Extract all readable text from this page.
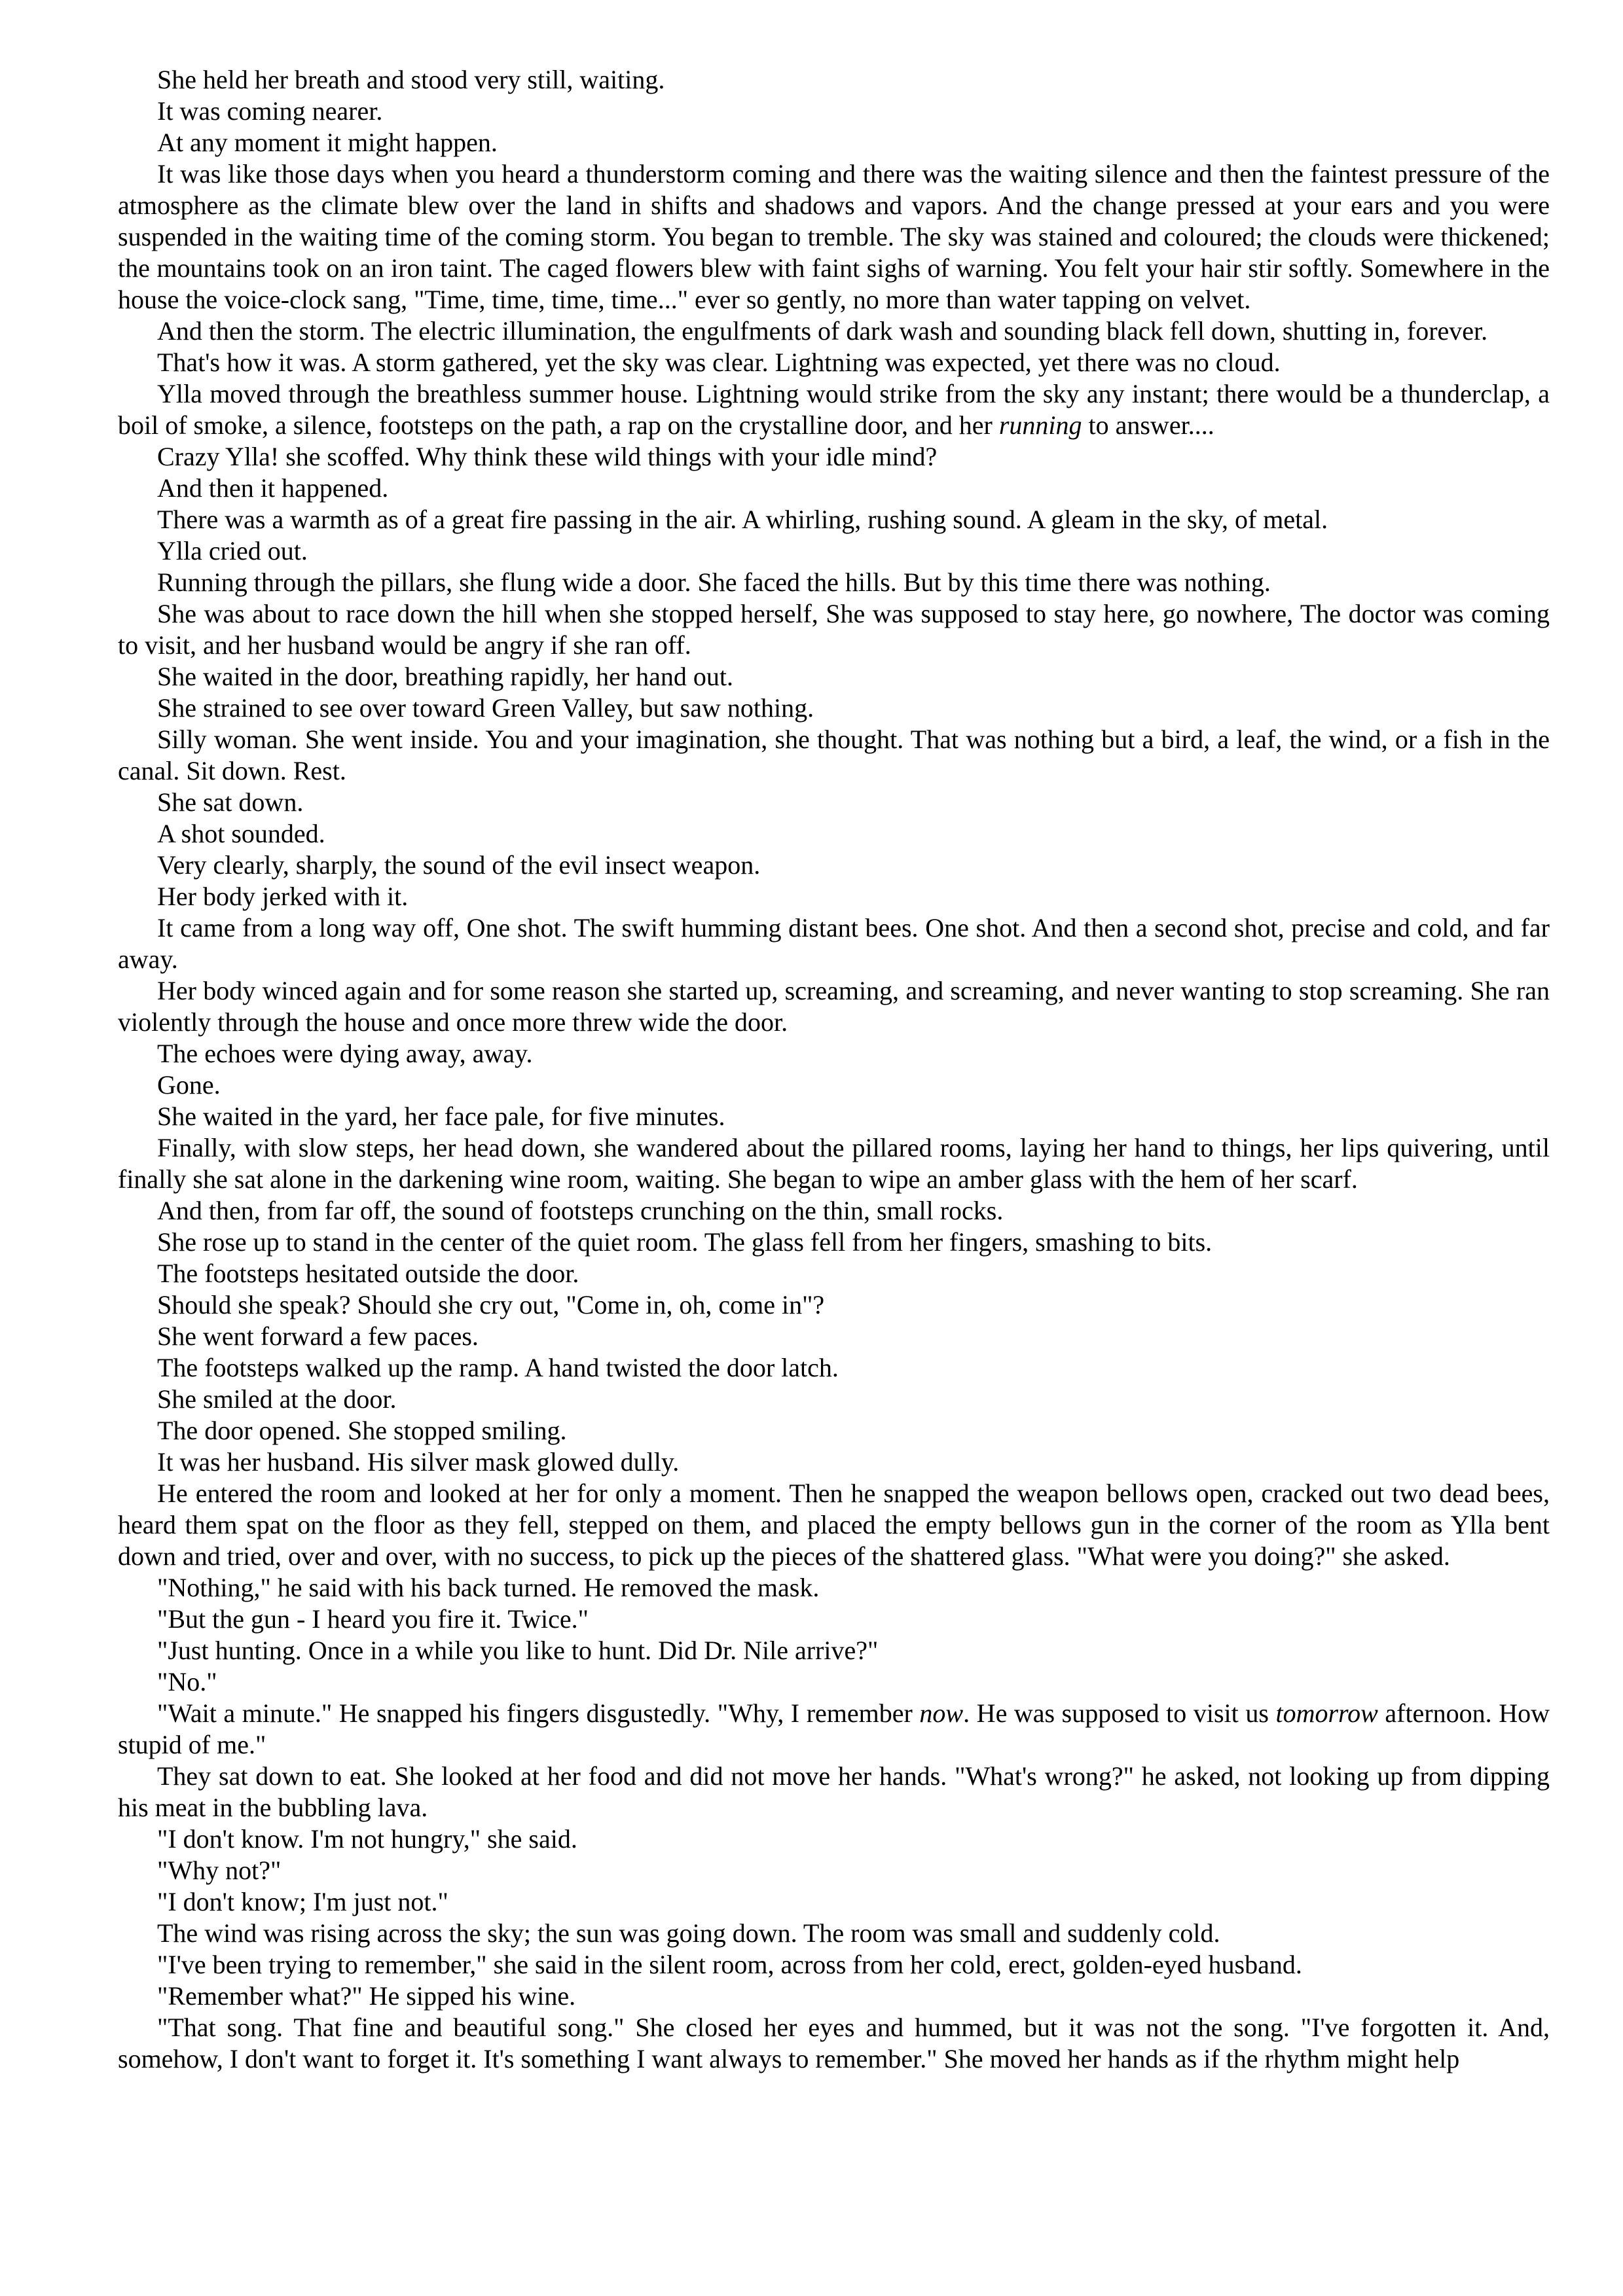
She held her breath and stood very still, waiting.

It was coming nearer.

At any moment it might happen.

It was like those days when you heard a thunderstorm coming and there was the waiting silence and then the faintest pressure of the atmosphere as the climate blew over the land in shifts and shadows and vapors. And the change pressed at your ears and you were suspended in the waiting time of the coming storm. You began to tremble. The sky was stained and coloured; the clouds were thickened; the mountains took on an iron taint. The caged flowers blew with faint sighs of warning. You felt your hair stir softly. Somewhere in the house the voice-clock sang, "Time, time, time, time..." ever so gently, no more than water tapping on velvet.

And then the storm. The electric illumination, the engulfments of dark wash and sounding black fell down, shutting in, forever.

That's how it was. A storm gathered, yet the sky was clear. Lightning was expected, yet there was no cloud.

Ylla moved through the breathless summer house. Lightning would strike from the sky any instant; there would be a thunderclap, a boil of smoke, a silence, footsteps on the path, a rap on the crystalline door, and her running to answer....

Crazy Ylla! she scoffed. Why think these wild things with your idle mind?

And then it happened.

There was a warmth as of a great fire passing in the air. A whirling, rushing sound. A gleam in the sky, of metal.

Ylla cried out.

Running through the pillars, she flung wide a door. She faced the hills. But by this time there was nothing.

She was about to race down the hill when she stopped herself, She was supposed to stay here, go nowhere, The doctor was coming to visit, and her husband would be angry if she ran off.

She waited in the door, breathing rapidly, her hand out.

She strained to see over toward Green Valley, but saw nothing.

Silly woman. She went inside. You and your imagination, she thought. That was nothing but a bird, a leaf, the wind, or a fish in the canal. Sit down. Rest.

She sat down.

A shot sounded.

Very clearly, sharply, the sound of the evil insect weapon.

Her body jerked with it.

It came from a long way off, One shot. The swift humming distant bees. One shot. And then a second shot, precise and cold, and far away.

Her body winced again and for some reason she started up, screaming, and screaming, and never wanting to stop screaming. She ran violently through the house and once more threw wide the door.

The echoes were dying away, away.

Gone.

She waited in the yard, her face pale, for five minutes.

Finally, with slow steps, her head down, she wandered about the pillared rooms, laying her hand to things, her lips quivering, until finally she sat alone in the darkening wine room, waiting. She began to wipe an amber glass with the hem of her scarf.

And then, from far off, the sound of footsteps crunching on the thin, small rocks.

She rose up to stand in the center of the quiet room. The glass fell from her fingers, smashing to bits.

The footsteps hesitated outside the door.

Should she speak? Should she cry out, "Come in, oh, come in"?

She went forward a few paces.

The footsteps walked up the ramp. A hand twisted the door latch.

She smiled at the door.

The door opened. She stopped smiling.

It was her husband. His silver mask glowed dully.

He entered the room and looked at her for only a moment. Then he snapped the weapon bellows open, cracked out two dead bees, heard them spat on the floor as they fell, stepped on them, and placed the empty bellows gun in the corner of the room as Ylla bent down and tried, over and over, with no success, to pick up the pieces of the shattered glass. "What were you doing?" she asked.

"Nothing," he said with his back turned. He removed the mask.

"But the gun - I heard you fire it. Twice."

"Just hunting. Once in a while you like to hunt. Did Dr. Nile arrive?"

"No."

"Wait a minute." He snapped his fingers disgustedly. "Why, I remember now. He was supposed to visit us tomorrow afternoon. How stupid of me."

They sat down to eat. She looked at her food and did not move her hands. "What's wrong?" he asked, not looking up from dipping his meat in the bubbling lava.

"I don't know. I'm not hungry," she said.

"Why not?"

"I don't know; I'm just not."

The wind was rising across the sky; the sun was going down. The room was small and suddenly cold.

"I've been trying to remember," she said in the silent room, across from her cold, erect, golden-eyed husband.

"Remember what?" He sipped his wine.

"That song. That fine and beautiful song." She closed her eyes and hummed, but it was not the song. "I've forgotten it. And, somehow, I don't want to forget it. It's something I want always to remember." She moved her hands as if the rhythm might help
